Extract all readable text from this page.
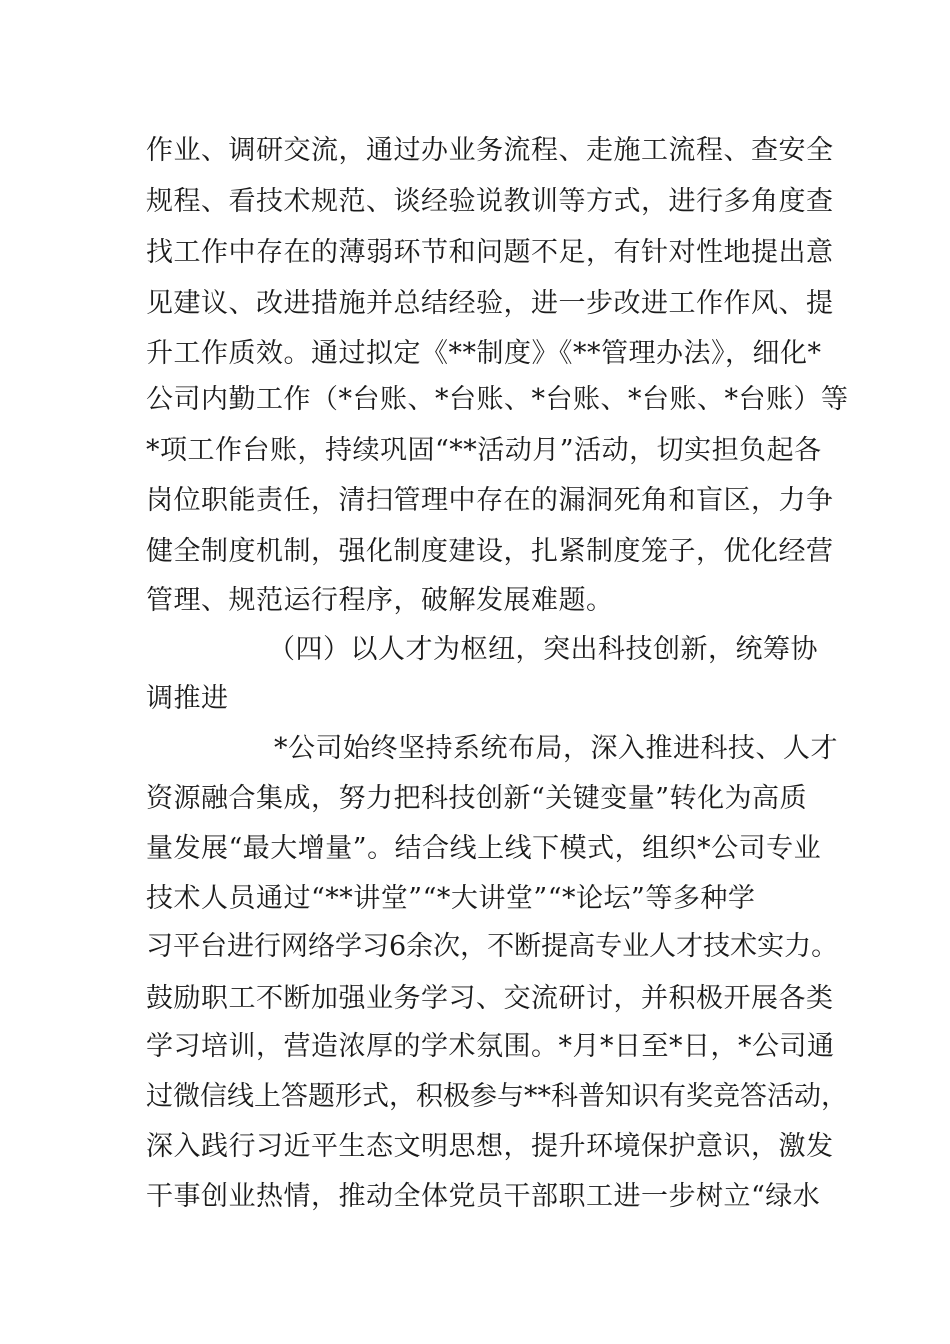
作业、调研交流，通过办业务流程、走施工流程、查安全
规程、看技术规范、谈经验说教训等方式，进行多角度查
找工作中存在的薄弱环节和问题不足，有针对性地提出意
见建议、改进措施并总结经验，进一步改进工作作风、提
升工作质效。通过拟定《**制度》《**管理办法》，细化*
公司内勤工作（*台账、*台账、*台账、*台账、*台账）等
*项工作台账，持续巩固“**活动月”活动，切实担负起各
岗位职能责任，清扫管理中存在的漏洞死角和盲区，力争
健全制度机制，强化制度建设，扎紧制度笼子，优化经营
管理、规范运行程序，破解发展难题。
（四）以人才为枢纽，突出科技创新，统筹协
调推进
*公司始终坚持系统布局，深入推进科技、人才
资源融合集成，努力把科技创新“关键变量”转化为高质
量发展“最大增量”。结合线上线下模式，组织*公司专业
技术人员通过“**讲堂”“*大讲堂”“*论坛”等多种学
习平台进行网络学习6余次，不断提高专业人才技术实力。
鼓励职工不断加强业务学习、交流研讨，并积极开展各类
学习培训，营造浓厚的学术氛围。*月*日至*日，*公司通
过微信线上答题形式，积极参与**科普知识有奖竞答活动，
深入践行习近平生态文明思想，提升环境保护意识，激发
干事创业热情，推动全体党员干部职工进一步树立“绿水
